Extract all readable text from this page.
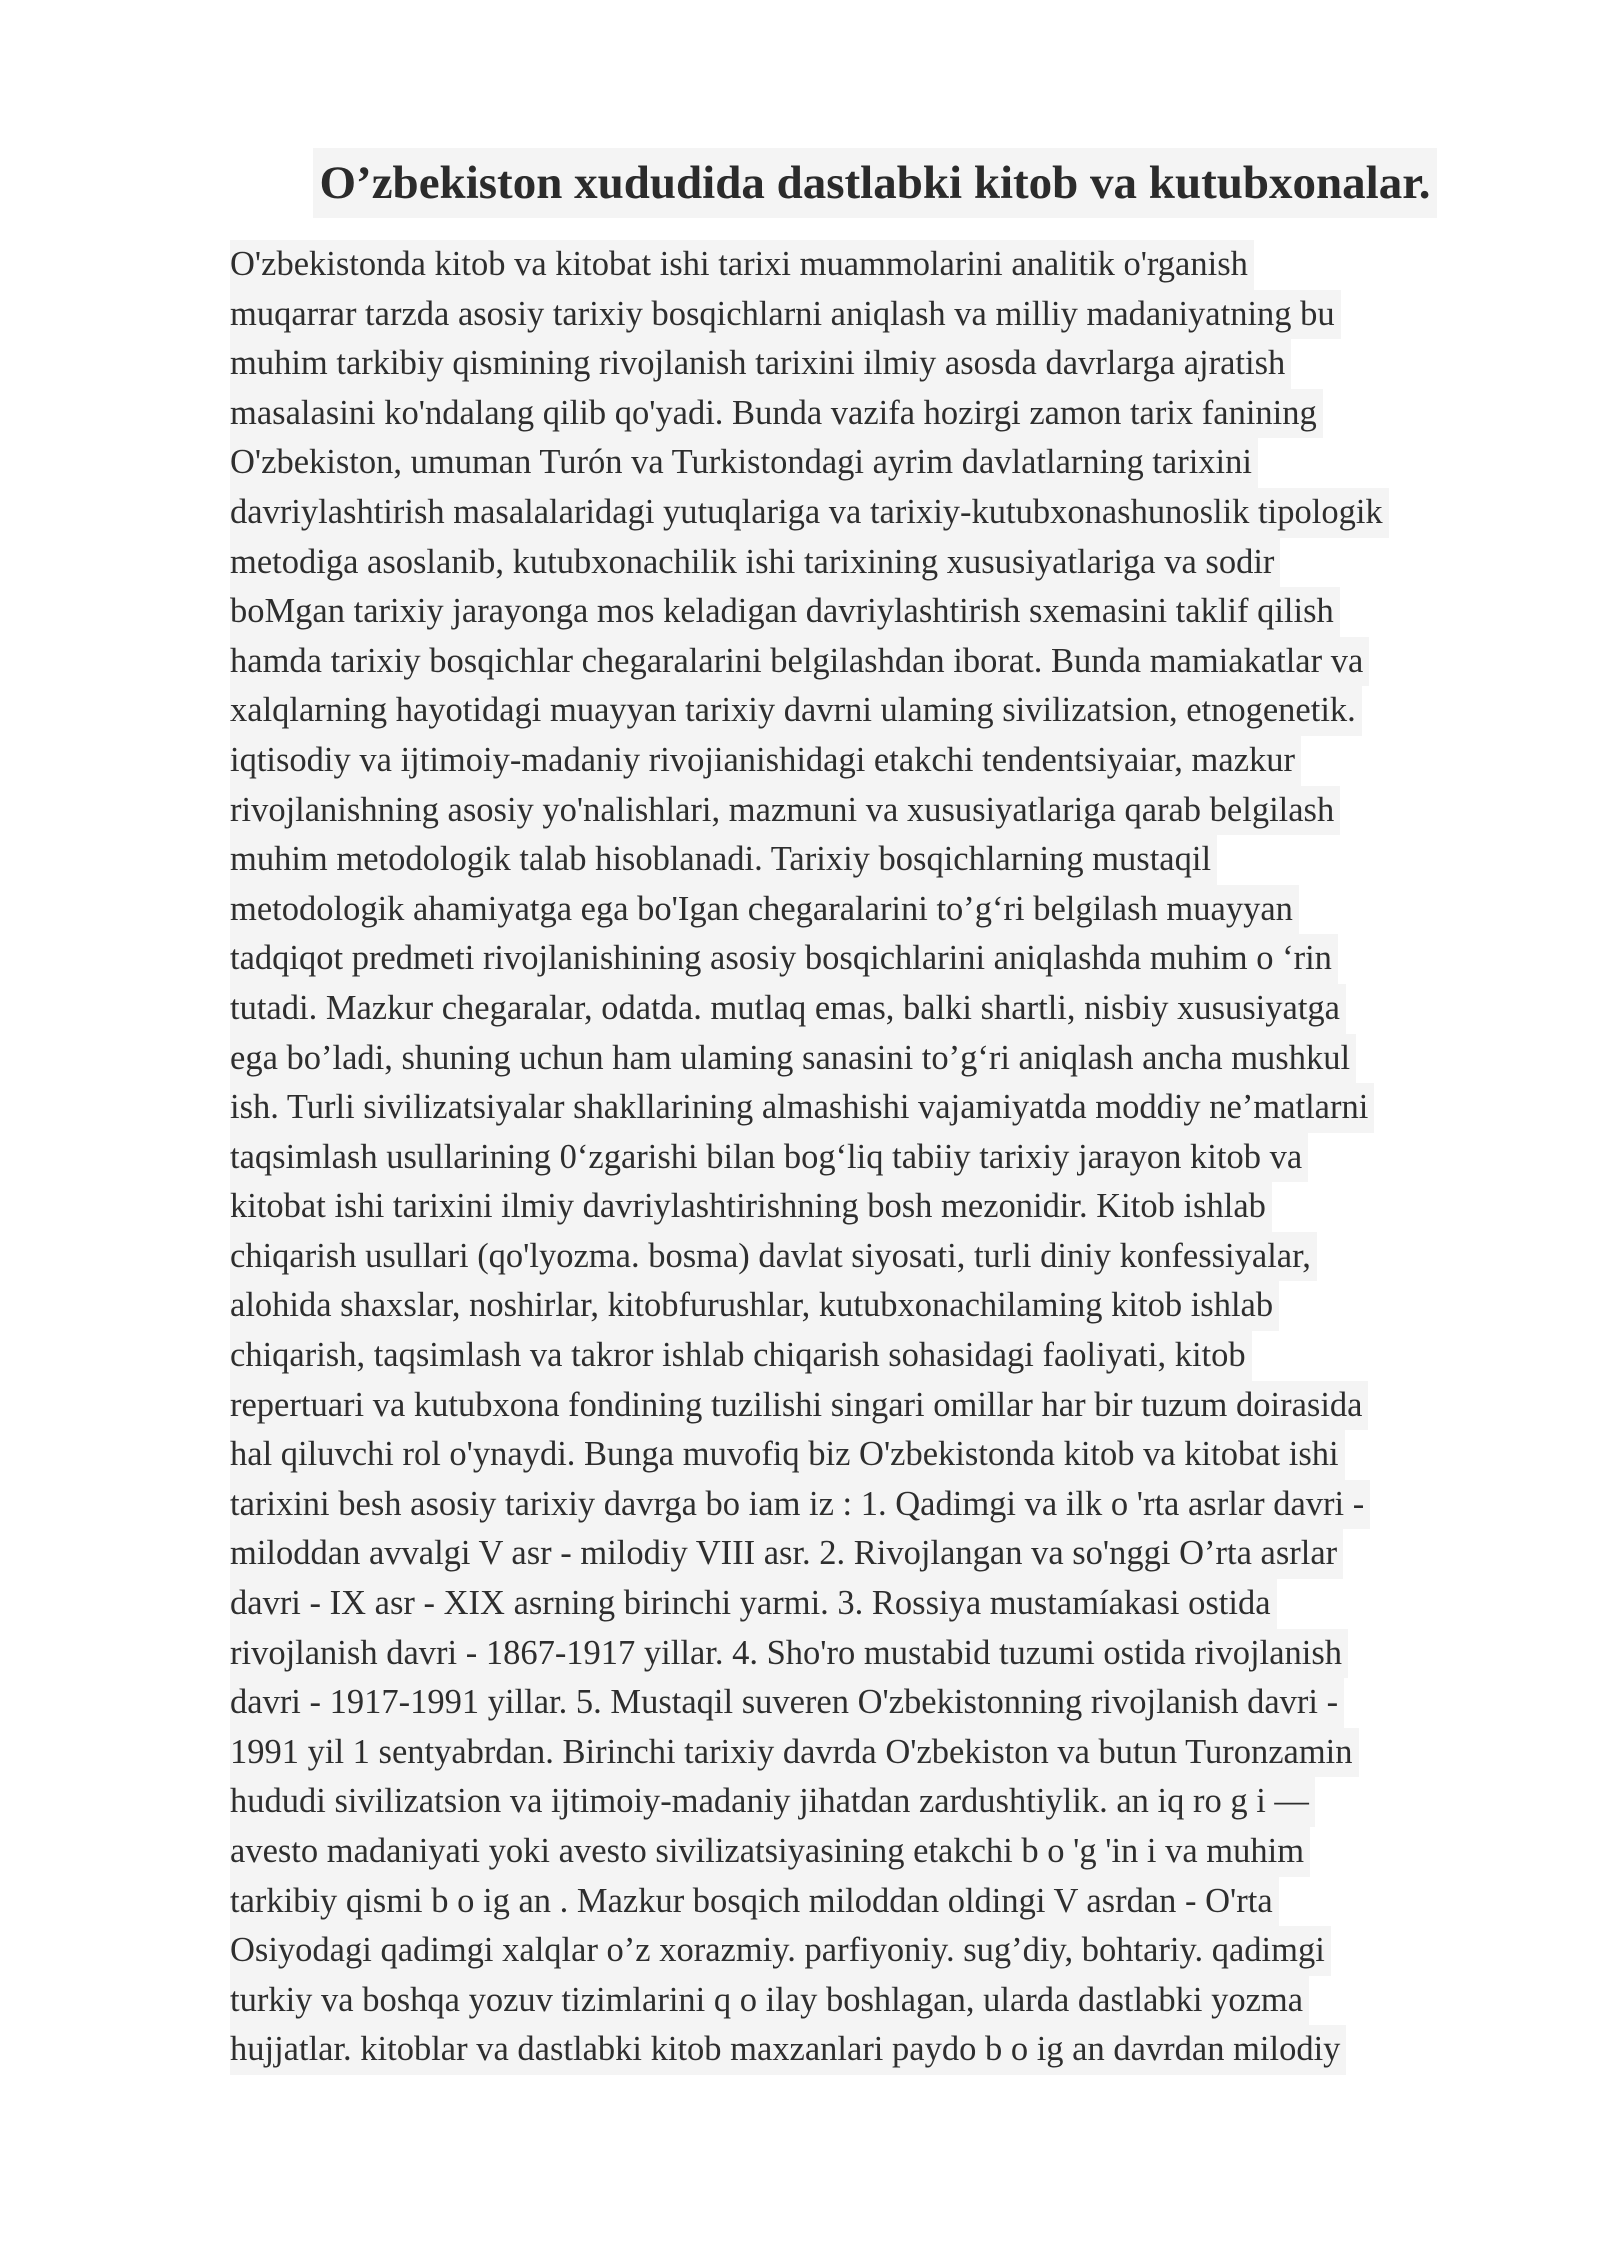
O’zbekiston xududida dastlabki kitob va kutubxonalar.
O'zbekistonda kitob va kitobat ishi tarixi muammolarini analitik o'rganish
muqarrar tarzda asosiy tarixiy bosqichlarni aniqlash va milliy madaniyatning bu
muhim tarkibiy qismining rivojlanish tarixini ilmiy asosda davrlarga ajratish
masalasini ko'ndalang qilib qo'yadi. Bunda vazifa hozirgi zamon tarix fanining
O'zbekiston, umuman Turón va Turkistondagi ayrim davlatlarning tarixini
davriylashtirish masalalaridagi yutuqlariga va tarixiy-kutubxonashunoslik tipologik
metodiga asoslanib, kutubxonachilik ishi tarixining xususiyatlariga va sodir
boMgan tarixiy jarayonga mos keladigan davriylashtirish sxemasini taklif qilish
hamda tarixiy bosqichlar chegaralarini belgilashdan iborat. Bunda mamiakatlar va
xalqlarning hayotidagi muayyan tarixiy davrni ulaming sivilizatsion, etnogenetik.
iqtisodiy va ijtimoiy-madaniy rivojianishidagi etakchi tendentsiyaiar, mazkur
rivojlanishning asosiy yo'nalishlari, mazmuni va xususiyatlariga qarab belgilash
muhim metodologik talab hisoblanadi. Tarixiy bosqichlarning mustaqil
metodologik ahamiyatga ega bo'Igan chegaralarini to’g‘ri belgilash muayyan
tadqiqot predmeti rivojlanishining asosiy bosqichlarini aniqlashda muhim o ‘rin
tutadi. Mazkur chegaralar, odatda. mutlaq emas, balki shartli, nisbiy xususiyatga
ega bo’ladi, shuning uchun ham ulaming sanasini to’g‘ri aniqlash ancha mushkul
ish. Turli sivilizatsiyalar shakllarining almashishi vajamiyatda moddiy ne’matlarni
taqsimlash usullarining 0‘zgarishi bilan bog‘liq tabiiy tarixiy jarayon kitob va
kitobat ishi tarixini ilmiy davriylashtirishning bosh mezonidir. Kitob ishlab
chiqarish usullari (qo'lyozma. bosma) davlat siyosati, turli diniy konfessiyalar,
alohida shaxslar, noshirlar, kitobfurushlar, kutubxonachilaming kitob ishlab
chiqarish, taqsimlash va takror ishlab chiqarish sohasidagi faoliyati, kitob
repertuari va kutubxona fondining tuzilishi singari omillar har bir tuzum doirasida
hal qiluvchi rol o'ynaydi. Bunga muvofiq biz O'zbekistonda kitob va kitobat ishi
tarixini besh asosiy tarixiy davrga bo iam iz : 1. Qadimgi va ilk o 'rta asrlar davri -
miloddan avvalgi V asr - milodiy VIII asr. 2. Rivojlangan va so'nggi O’rta asrlar
davri - IX asr - XIX asrning birinchi yarmi. 3. Rossiya mustamíakasi ostida
rivojlanish davri - 1867-1917 yillar. 4. Sho'ro mustabid tuzumi ostida rivojlanish
davri - 1917-1991 yillar. 5. Mustaqil suveren O'zbekistonning rivojlanish davri -
1991 yil 1 sentyabrdan. Birinchi tarixiy davrda O'zbekiston va butun Turonzamin
hududi sivilizatsion va ijtimoiy-madaniy jihatdan zardushtiylik. an iq ro g i —
avesto madaniyati yoki avesto sivilizatsiyasining etakchi b o 'g 'in i va muhim
tarkibiy qismi b o ig an . Mazkur bosqich miloddan oldingi V asrdan - O'rta
Osiyodagi qadimgi xalqlar o’z xorazmiy. parfiyoniy. sug’diy, bohtariy. qadimgi
turkiy va boshqa yozuv tizimlarini q o ilay boshlagan, ularda dastlabki yozma
hujjatlar. kitoblar va dastlabki kitob maxzanlari paydo b o ig an davrdan milodiy
